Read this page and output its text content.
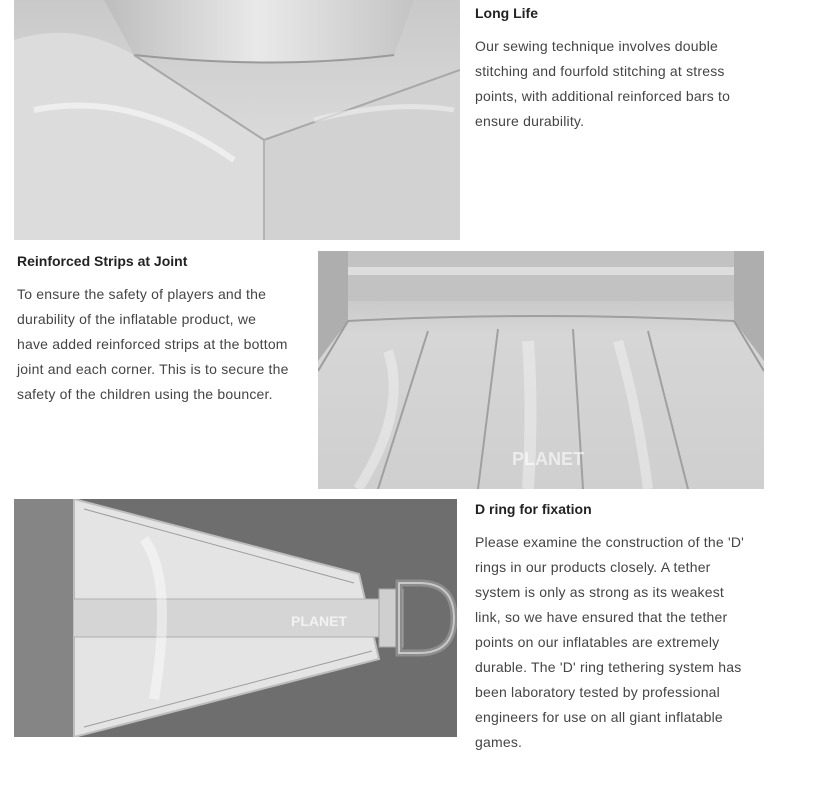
Long Life

Our sewing technique involves double
stitching and fourfold stitching at stress
points, with additional reinforced bars to
ensure durability.

Reinforced Strips at Joint

To ensure the safety of players and the
durability of the inflatable product, we
have added reinforced strips at the bottom
joint and each corner. This is to secure the
safety of the children using the bouncer.

PLANET
PLANET
D ring for fixation

Please examine the construction of the 'D'
rings in our products closely. A tether
system is only as strong as its weakest
link, so we have ensured that the tether
points on our inflatables are extremely
durable. The 'D' ring tethering system has
been laboratory tested by professional
engineers for use on all giant inflatable
games.
